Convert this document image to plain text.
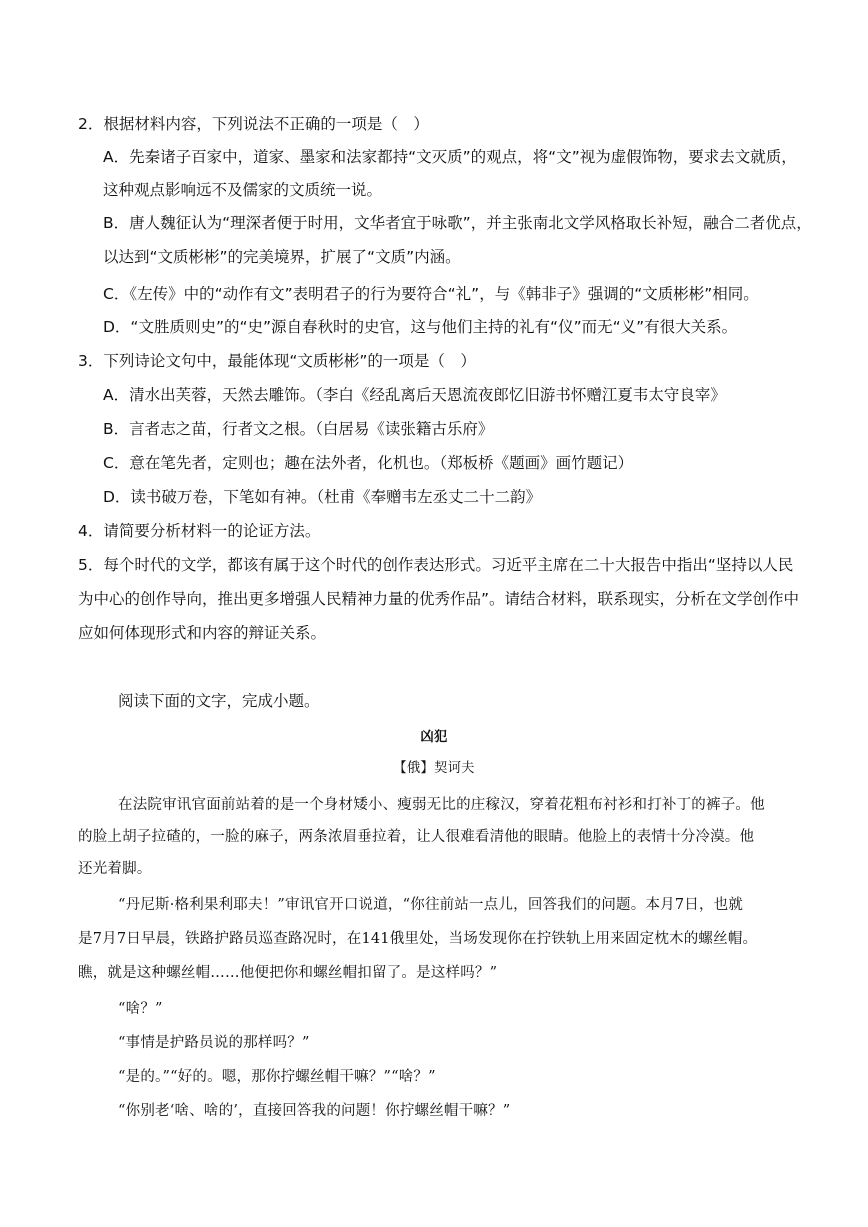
2．根据材料内容，下列说法不正确的一项是（　）
A．先秦诸子百家中，道家、墨家和法家都持“文灭质”的观点，将“文”视为虚假饰物，要求去文就质，
这种观点影响远不及儒家的文质统一说。
B．唐人魏征认为“理深者便于时用，文华者宜于咏歌”，并主张南北文学风格取长补短，融合二者优点，
以达到“文质彬彬”的完美境界，扩展了“文质”内涵。
C．《左传》中的“动作有文”表明君子的行为要符合“礼”，与《韩非子》强调的“文质彬彬”相同。
D．“文胜质则史”的“史”源自春秋时的史官，这与他们主持的礼有“仪”而无“义”有很大关系。
3．下列诗论文句中，最能体现“文质彬彬”的一项是（　）
A．清水出芙蓉，天然去雕饰。（李白《经乱离后天恩流夜郎忆旧游书怀赠江夏韦太守良宰》
B．言者志之苗，行者文之根。（白居易《读张籍古乐府》
C．意在笔先者，定则也；趣在法外者，化机也。（郑板桥《题画》画竹题记）
D．读书破万卷，下笔如有神。（杜甫《奉赠韦左丞丈二十二韵》
4．请简要分析材料一的论证方法。
5．每个时代的文学，都该有属于这个时代的创作表达形式。习近平主席在二十大报告中指出“坚持以人民
为中心的创作导向，推出更多增强人民精神力量的优秀作品”。请结合材料，联系现实，分析在文学创作中
应如何体现形式和内容的辩证关系。
阅读下面的文字，完成小题。
凶犯
【俄】契诃夫
在法院审讯官面前站着的是一个身材矮小、瘦弱无比的庄稼汉，穿着花粗布衬衫和打补丁的裤子。他
的脸上胡子拉碴的，一脸的麻子，两条浓眉垂拉着，让人很难看清他的眼睛。他脸上的表情十分冷漠。他
还光着脚。
“丹尼斯·格利果利耶夫！”审讯官开口说道，“你往前站一点儿，回答我们的问题。本月7日，也就
是7月7日早晨，铁路护路员巡查路况时，在141俄里处，当场发现你在拧铁轨上用来固定枕木的螺丝帽。
瞧，就是这种螺丝帽……他便把你和螺丝帽扣留了。是这样吗？”
“啥？”
“事情是护路员说的那样吗？”
“是的。”“好的。嗯，那你拧螺丝帽干嘛？”“啥？”
“你别老‘啥、啥的’，直接回答我的问题！你拧螺丝帽干嘛？”
